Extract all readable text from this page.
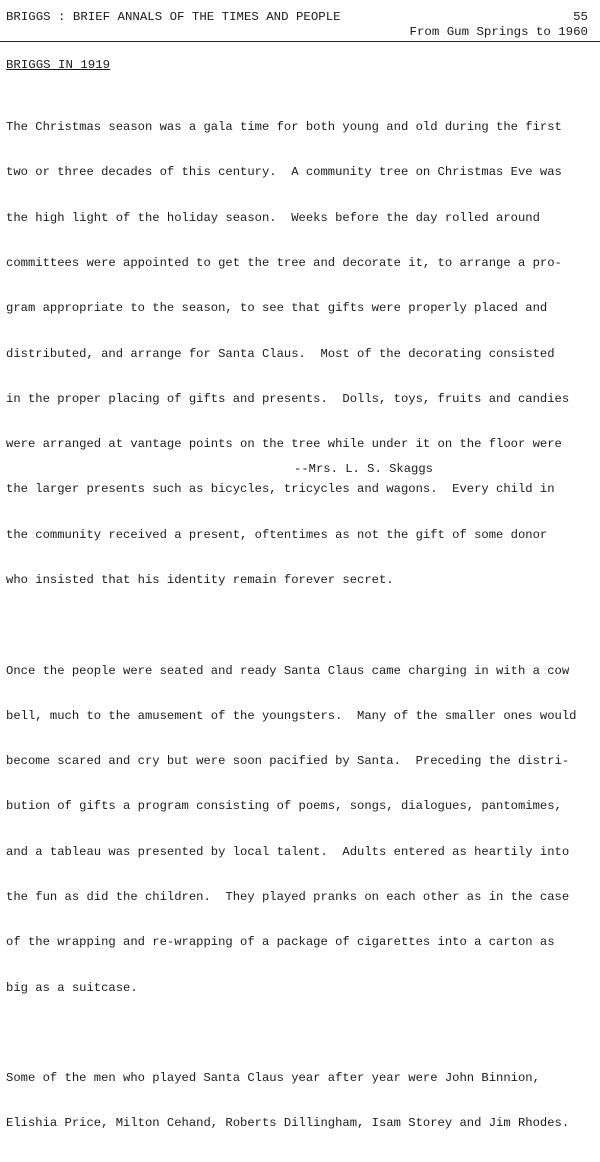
BRIGGS : BRIEF ANNALS OF THE TIMES AND PEOPLE

	55

From Gum Springs to 1960
BRIGGS IN 1919

The Christmas season was a gala time for both young and old during the first

two or three decades of this century.  A community tree on Christmas Eve was

the high light of the holiday season.  Weeks before the day rolled around

committees were appointed to get the tree and decorate it, to arrange a pro-

gram appropriate to the season, to see that gifts were properly placed and

distributed, and arrange for Santa Claus.  Most of the decorating consisted

in the proper placing of gifts and presents.  Dolls, toys, fruits and candies

were arranged at vantage points on the tree while under it on the floor were

the larger presents such as bicycles, tricycles and wagons.  Every child in

the community received a present, oftentimes as not the gift of some donor

who insisted that his identity remain forever secret.

Once the people were seated and ready Santa Claus came charging in with a cow

bell, much to the amusement of the youngsters.  Many of the smaller ones would

become scared and cry but were soon pacified by Santa.  Preceding the distri-

bution of gifts a program consisting of poems, songs, dialogues, pantomimes,

and a tableau was presented by local talent.  Adults entered as heartily into

the fun as did the children.  They played pranks on each other as in the case

of the wrapping and re-wrapping of a package of cigarettes into a carton as

big as a suitcase.

Some of the men who played Santa Claus year after year were John Binnion,

Elishia Price, Milton Cehand, Roberts Dillingham, Isam Storey and Jim Rhodes.

--Mrs. L. S. Skaggs
